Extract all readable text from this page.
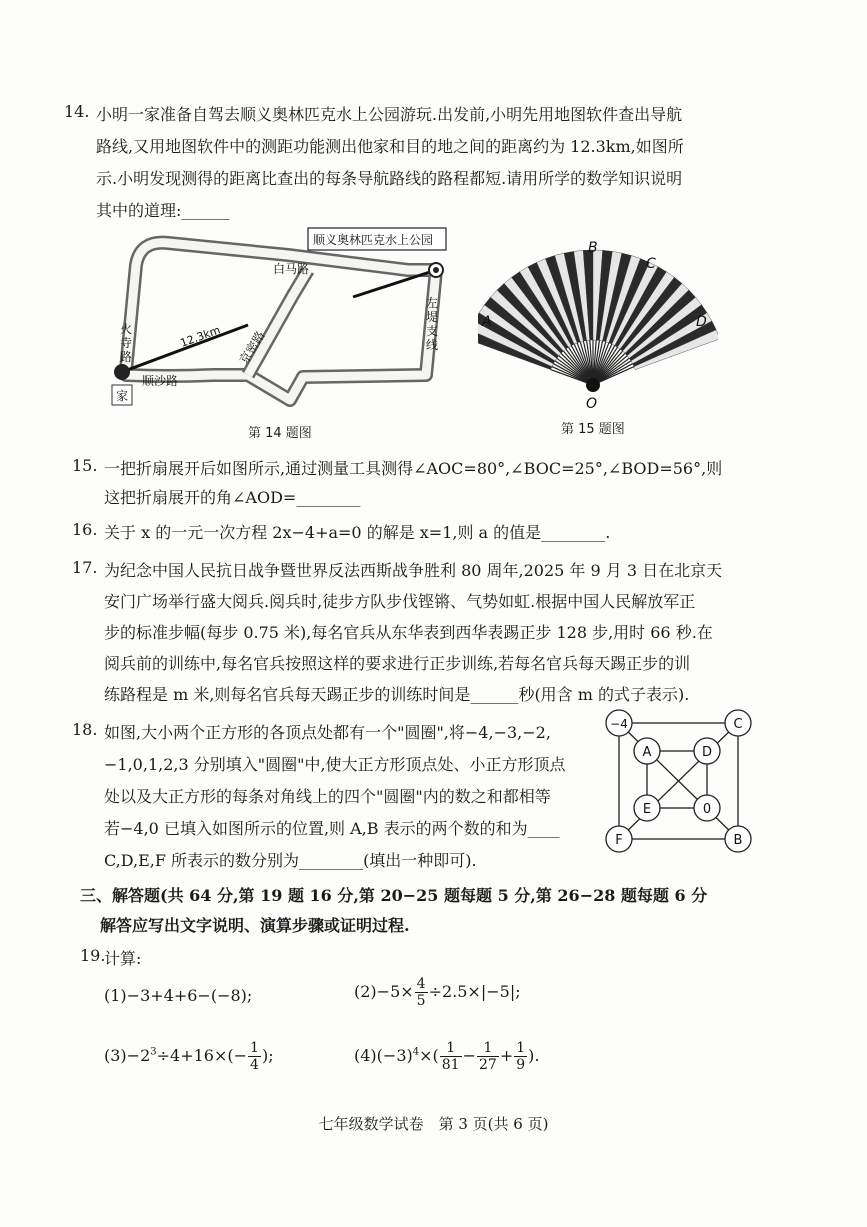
14. 小明一家准备自驾去顺义奥林匹克水上公园游玩.出发前,小明先用地图软件查出导航
路线,又用地图软件中的测距功能测出他家和目的地之间的距离约为 12.3km,如图所
示.小明发现测得的距离比查出的每条导航路线的路程都短.请用所学的数学知识说明
其中的道理:______
顺义奥林匹克水上公园
家
白马路
左
堤
支
线
火
寺
路	京密路
顺沙路
12.3km
第 14 题图
A
B
C
D
O
第 15 题图
15. 一把折扇展开后如图所示,通过测量工具测得∠AOC=80°,∠BOC=25°,∠BOD=56°,则
这把折扇展开的角∠AOD=________
16. 关于 x 的一元一次方程 2x−4+a=0 的解是 x=1,则 a 的值是________.
17. 为纪念中国人民抗日战争暨世界反法西斯战争胜利 80 周年,2025 年 9 月 3 日在北京天
安门广场举行盛大阅兵.阅兵时,徒步方队步伐铿锵、气势如虹.根据中国人民解放军正
步的标准步幅(每步 0.75 米),每名官兵从东华表到西华表踢正步 128 步,用时 66 秒.在
阅兵前的训练中,每名官兵按照这样的要求进行正步训练,若每名官兵每天踢正步的训
练路程是 m 米,则每名官兵每天踢正步的训练时间是______秒(用含 m 的式子表示).
18. 如图,大小两个正方形的各顶点处都有一个"圆圈",将−4,−3,−2,
−1,0,1,2,3 分别填入"圆圈"中,使大正方形顶点处、小正方形顶点
处以及大正方形的每条对角线上的四个"圆圈"内的数之和都相等
若−4,0 已填入如图所示的位置,则 A,B 表示的两个数的和为____
C,D,E,F 所表示的数分别为________(填出一种即可).
−4	C
F	B
A	D
E	0
三、解答题(共 64 分,第 19 题 16 分,第 20−25 题每题 5 分,第 26−28 题每题 6 分
解答应写出文字说明、演算步骤或证明过程.
19.
计算:
(1)−3+4+6−(−8);	$(2)-5\times \frac{4}{5} \div 2.5\times|-5|$;
$(3)-2^3\div 4+16\times(- \frac{1}{4}$ );	$(4)(-3)^4\times( \frac{1}{81} - \frac{1}{27} + \frac{1}{9}$ ).
七年级数学试卷　第 3 页(共 6 页)
